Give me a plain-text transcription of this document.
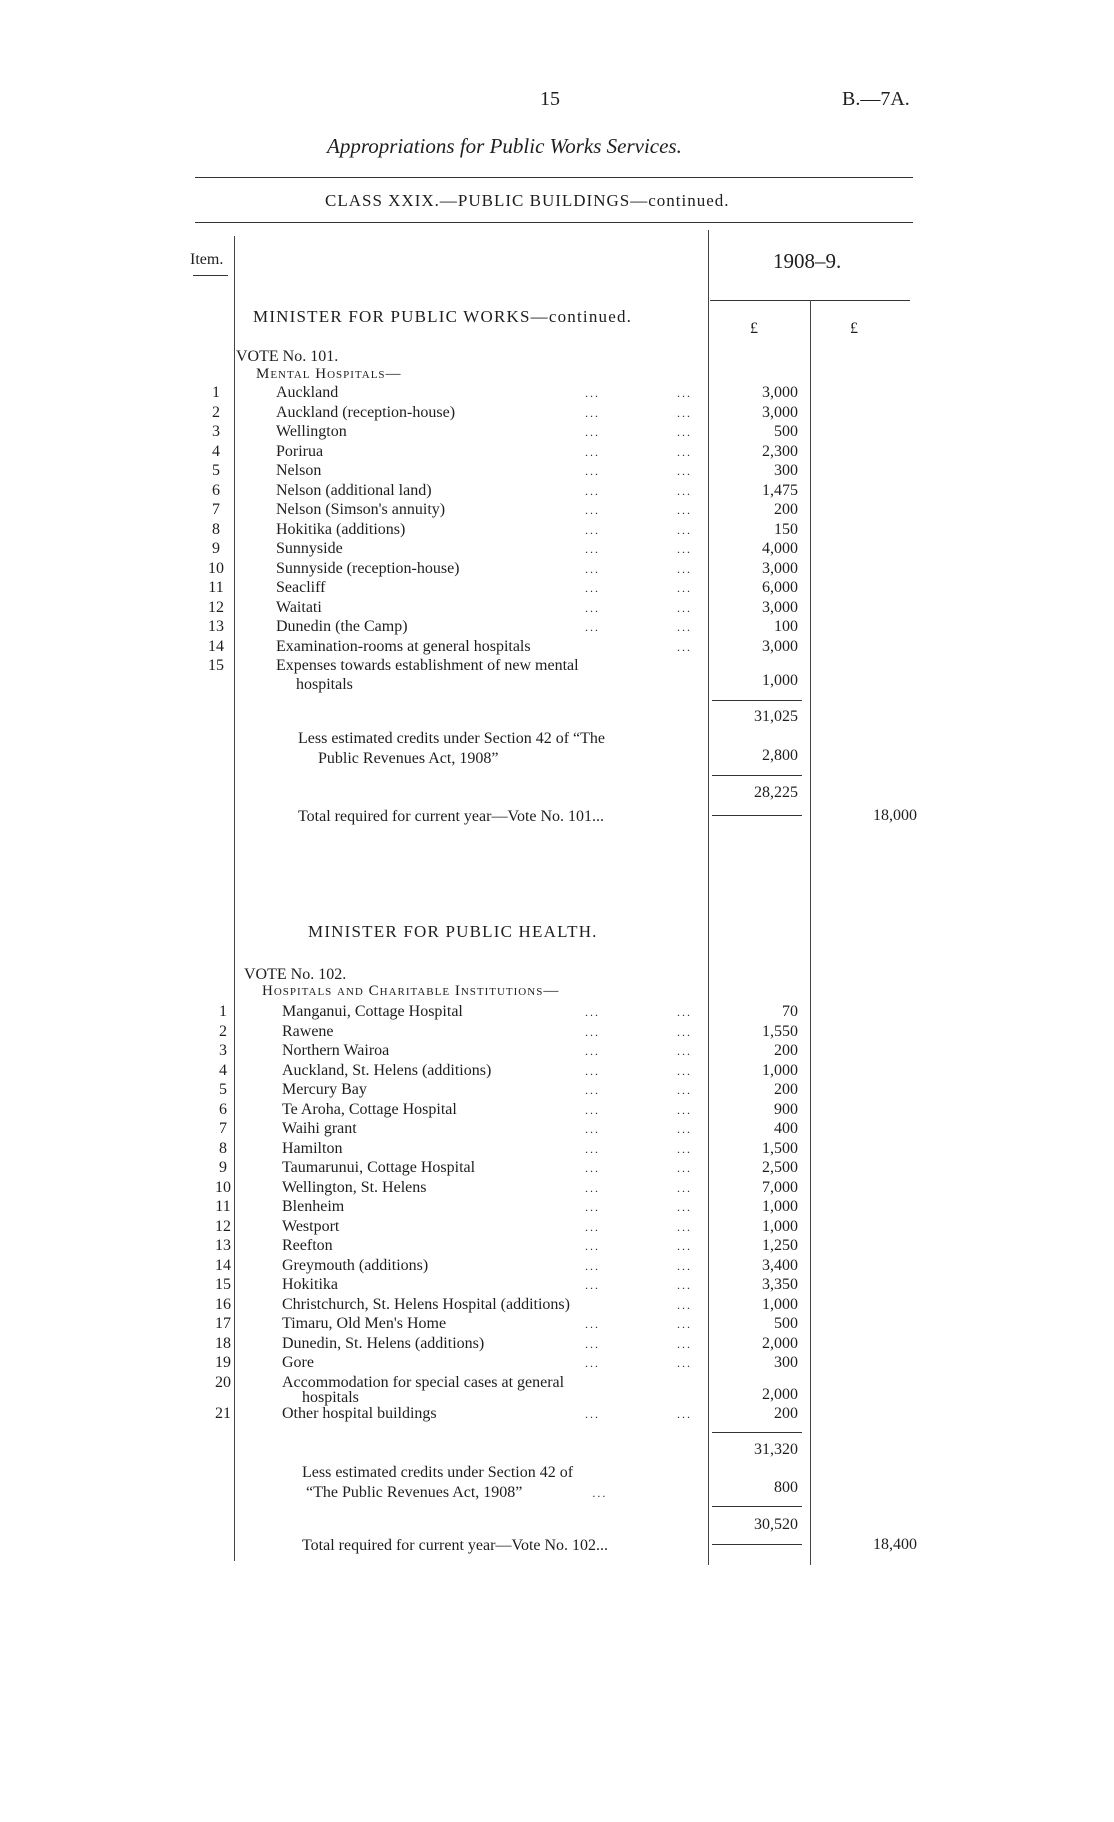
15	B.—7A.
Appropriations for Public Works Services.
CLASS XXIX.—PUBLIC BUILDINGS—continued.
Item.	1908–9.
£	£
MINISTER FOR PUBLIC WORKS—continued.
VOTE No. 101.
Mental Hospitals—
1	Auckland	...	...	3,000
2	Auckland (reception-house)	...	...	3,000
3	Wellington	...	...	500
4	Porirua	...	...	2,300
5	Nelson	...	...	300
6	Nelson (additional land)	...	...	1,475
7	Nelson (Simson's annuity)	...	...	200
8	Hokitika (additions)	...	...	150
9	Sunnyside	...	...	4,000
10	Sunnyside (reception-house)	...	...	3,000
11	Seacliff	...	...	6,000
12	Waitati	...	...	3,000
13	Dunedin (the Camp)	...	...	100
14	Examination-rooms at general hospitals	...	3,000
15	Expenses towards establishment of new mental
hospitals	1,000
31,025
Less estimated credits under Section 42 of “The
Public Revenues Act, 1908”	2,800
28,225
Total required for current year—Vote No. 101...	18,000
MINISTER FOR PUBLIC HEALTH.
VOTE No. 102.
Hospitals and Charitable Institutions—
1	Manganui, Cottage Hospital	...	...	70
2	Rawene	...	...	1,550
3	Northern Wairoa	...	...	200
4	Auckland, St. Helens (additions)	...	...	1,000
5	Mercury Bay	...	...	200
6	Te Aroha, Cottage Hospital	...	...	900
7	Waihi grant	...	...	400
8	Hamilton	...	...	1,500
9	Taumarunui, Cottage Hospital	...	...	2,500
10	Wellington, St. Helens	...	...	7,000
11	Blenheim	...	...	1,000
12	Westport	...	...	1,000
13	Reefton	...	...	1,250
14	Greymouth (additions)	...	...	3,400
15	Hokitika	...	...	3,350
16	Christchurch, St. Helens Hospital (additions)	...	1,000
17	Timaru, Old Men's Home	...	...	500
18	Dunedin, St. Helens (additions)	...	...	2,000
19	Gore	...	...	300
20	Accommodation for special cases at general
hospitals	2,000
21	Other hospital buildings	...	...	200
31,320
Less estimated credits under Section 42 of
“The Public Revenues Act, 1908”	...	800
30,520
Total required for current year—Vote No. 102...	18,400
